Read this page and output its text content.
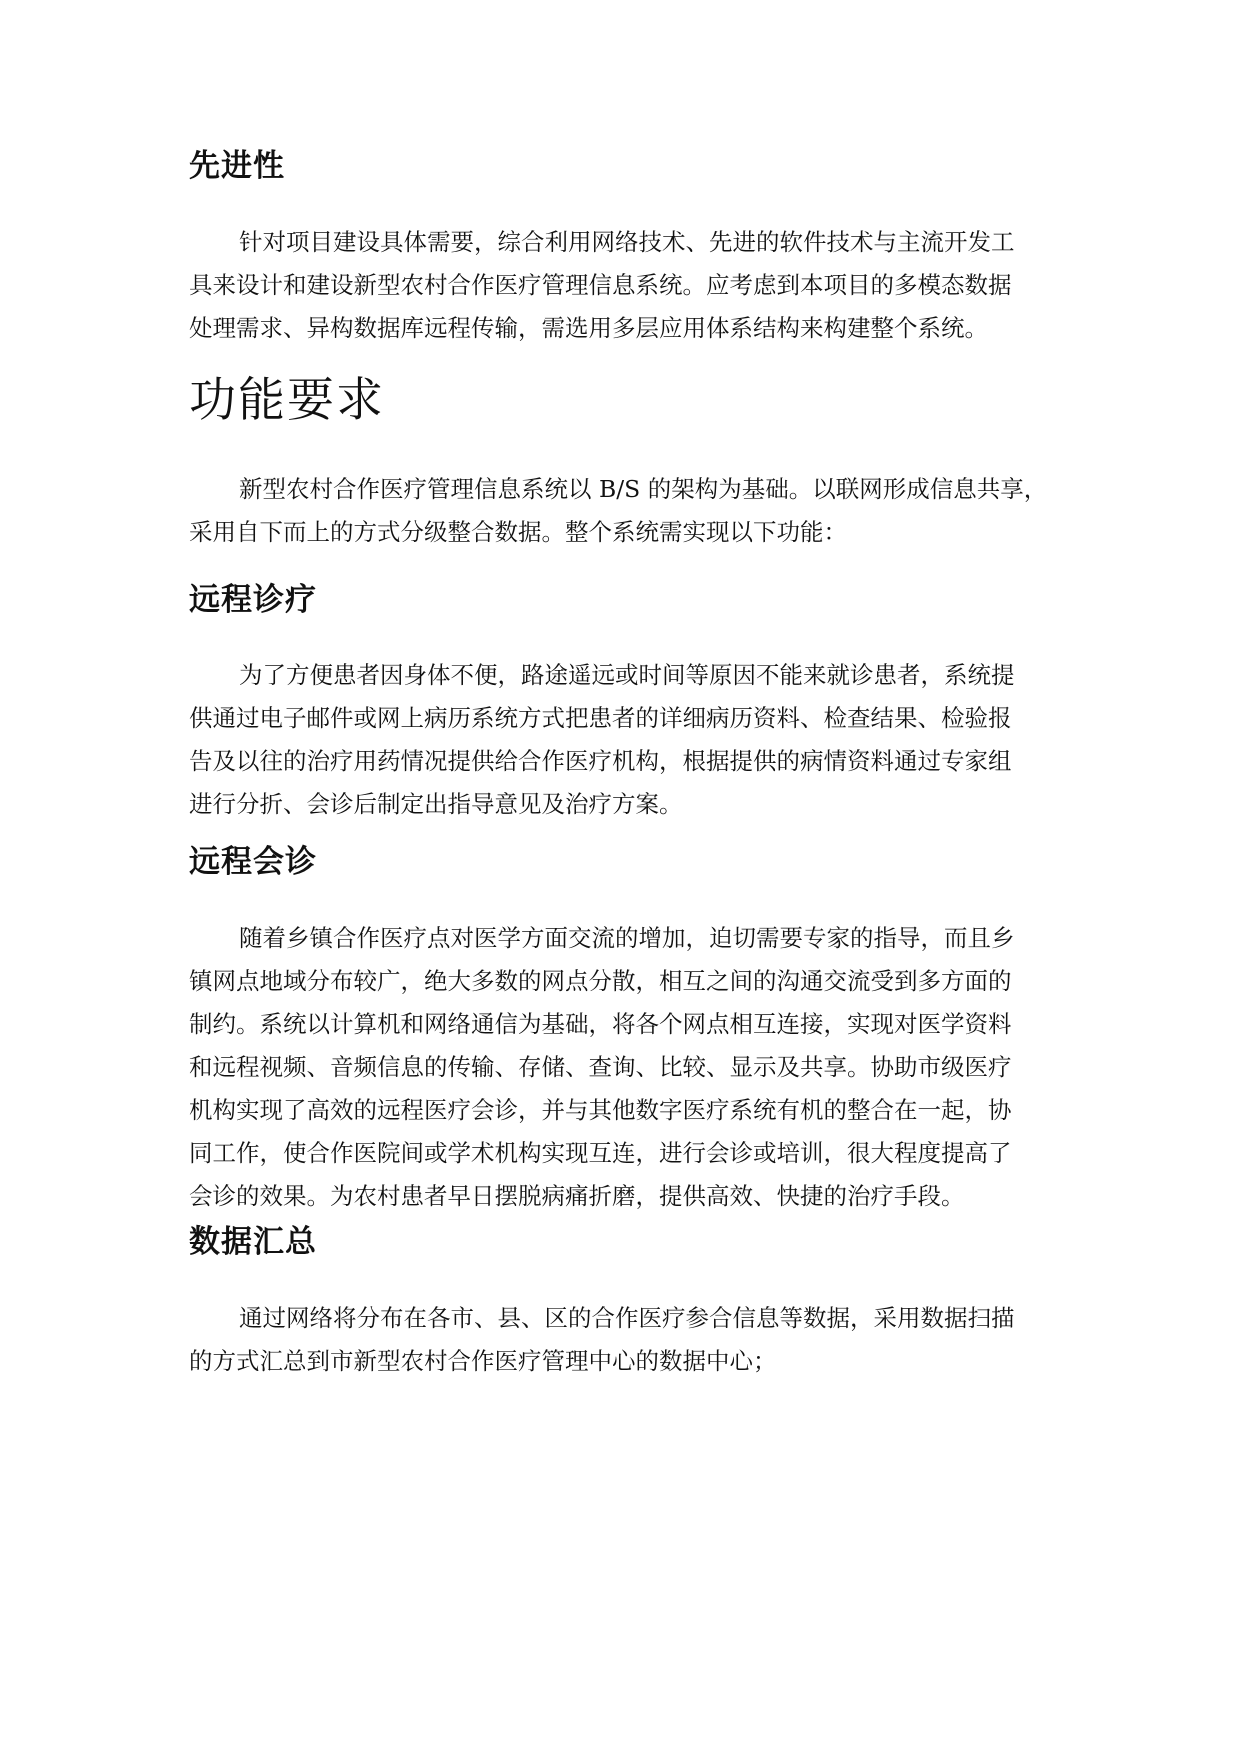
先进性
针对项目建设具体需要，综合利用网络技术、先进的软件技术与主流开发工
具来设计和建设新型农村合作医疗管理信息系统。应考虑到本项目的多模态数据
处理需求、异构数据库远程传输，需选用多层应用体系结构来构建整个系统。
功能要求
新型农村合作医疗管理信息系统以 B/S 的架构为基础。以联网形成信息共享，
采用自下而上的方式分级整合数据。整个系统需实现以下功能：
远程诊疗
为了方便患者因身体不便，路途遥远或时间等原因不能来就诊患者，系统提
供通过电子邮件或网上病历系统方式把患者的详细病历资料、检查结果、检验报
告及以往的治疗用药情况提供给合作医疗机构，根据提供的病情资料通过专家组
进行分折、会诊后制定出指导意见及治疗方案。
远程会诊
随着乡镇合作医疗点对医学方面交流的增加，迫切需要专家的指导，而且乡
镇网点地域分布较广，绝大多数的网点分散，相互之间的沟通交流受到多方面的
制约。系统以计算机和网络通信为基础，将各个网点相互连接，实现对医学资料
和远程视频、音频信息的传输、存储、查询、比较、显示及共享。协助市级医疗
机构实现了高效的远程医疗会诊，并与其他数字医疗系统有机的整合在一起，协
同工作，使合作医院间或学术机构实现互连，进行会诊或培训，很大程度提高了
会诊的效果。为农村患者早日摆脱病痛折磨，提供高效、快捷的治疗手段。
数据汇总
通过网络将分布在各市、县、区的合作医疗参合信息等数据，采用数据扫描
的方式汇总到市新型农村合作医疗管理中心的数据中心；
